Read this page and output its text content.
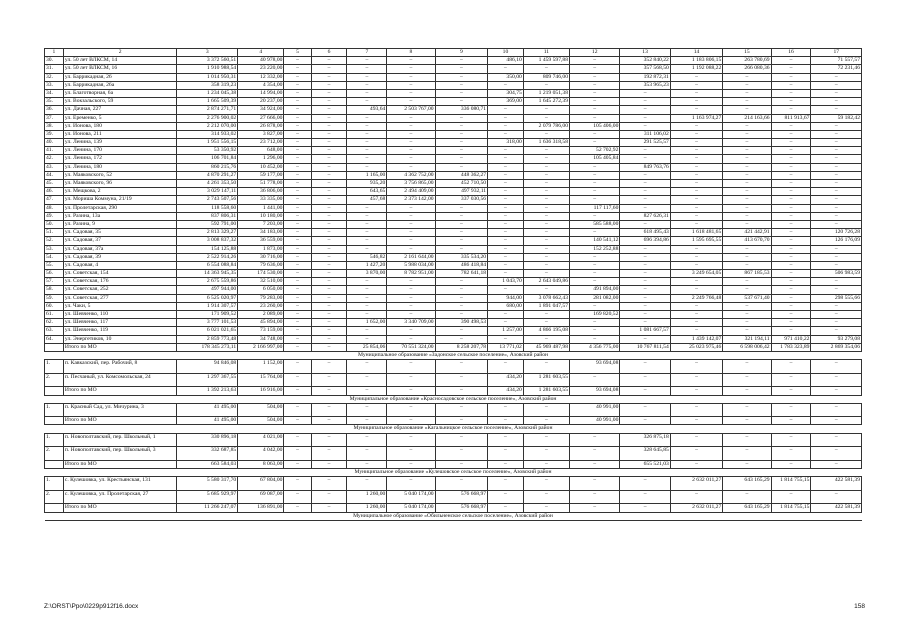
1	2	3	4	5	6	7	8	9	10	11	12	13	14	15	16	17
30.	ул. 50 лет ВЛКСМ, 14	3 372 560,51	40 978,00	–	–	–	–	–	486,10	1 459 597,88	–	352 840,22	1 183 806,15	263 780,69	–	71 557,57
31.	ул. 50 лет ВЛКСМ, 16	1 910 988,54	23 220,00	–	–	–	–	–	–	–	–	357 568,50	1 192 088,22	266 080,36	–	72 231,46
32.	ул. Баррикадная, 26	1 014 950,31	12 332,00	–	–	–	–	–	350,00	809 746,00	–	192 872,31	–	–	–	–
33.	ул. Баррикадная, 26а	358 319,23	4 354,00	–	–	–	–	–	–	–	–	353 965,23	–	–	–	–
34.	ул. Благотворная, 6а	1 234 045,38	14 994,00	–	–	–	–	–	304,75	1 219 051,38	–	–	–	–	–	–
35.	ул. Вокзальского, 59	1 665 509,39	20 237,00	–	–	–	–	–	369,00	1 645 272,39	–	–	–	–	–	–
36.	ул. Дачная, 227	2 874 271,71	34 924,00	–	–	493,64	2 503 767,00	336 080,71	–	–	–	–	–	–	–	–
37.	ул. Еременко, 5	2 276 900,02	27 666,00	–	–	–	–	–	–	–	–	–	1 163 974,27	214 163,66	811 913,67	59 182,42
38.	ул. Ионова, 180	2 212 070,00	26 878,00	–	–	–	–	–	–	2 079 786,00	105 406,00	–	–	–	–	–
39.	ул. Ионова, 211	314 933,02	3 827,00	–	–	–	–	–	–	–	–	311 106,02	–	–	–	–
40.	ул. Ленина, 139	1 951 556,15	23 712,00	–	–	–	–	–	318,00	1 636 318,58	–	291 525,57	–	–	–	–
41.	ул. Ленина, 170	53 350,92	648,00	–	–	–	–	–	–	–	52 702,92	–	–	–	–	–
42.	ул. Ленина, 172	106 701,84	1 296,00	–	–	–	–	–	–	–	105 405,84	–	–	–	–	–
43.	ул. Ленина, 180	860 215,76	10 452,00	–	–	–	–	–	–	–	–	849 763,76	–	–	–	–
44.	ул. Маяковского, 52	4 870 291,27	59 177,00	–	–	1 165,00	4 362 752,00	448 362,27	–	–	–	–	–	–	–	–
45.	ул. Маяковского, 96	4 261 353,50	51 778,00	–	–	935,20	3 756 865,00	452 710,50	–	–	–	–	–	–	–	–
46.	ул. Мещкова, 2	3 029 147,11	36 806,00	–	–	643,65	2 494 409,00	497 932,11	–	–	–	–	–	–	–	–
47.	ул. Мориша Коммуна, 21/19	2 743 507,56	33 335,00	–	–	457,68	2 373 142,00	337 030,56	–	–	–	–	–	–	–	–
48.	ул. Пролетарская, 290	118 558,60	1 441,00	–	–	–	–	–	–	–	117 117,60	–	–	–	–	–
49.	ул. Разина, 13а	837 806,31	10 180,00	–	–	–	–	–	–	–	–	827 626,31	–	–	–	–
50.	ул. Разина, 9	592 791,00	7 203,00	–	–	–	–	–	–	–	585 588,00	–	–	–	–	–
51.	ул. Садовая, 35	2 813 329,27	34 183,00	–	–	–	–	–	–	–	–	618 495,43	1 618 481,65	421 442,91	–	120 726,28
52.	ул. Садовая, 37	3 008 837,32	36 559,00	–	–	–	–	–	–	–	140 541,12	696 394,86	1 595 695,55	413 670,70	–	126 176,09
53.	ул. Садовая, 37а	154 125,88	1 873,00	–	–	–	–	–	–	–	152 252,88	–	–	–	–	–
54.	ул. Садовая, 39	2 522 914,26	30 716,00	–	–	546,82	2 161 644,00	335 534,20	–	–	–	–	–	–	–	–
55.	ул. Садовая, 4	6 554 088,84	79 636,00	–	–	1 427,20	5 988 034,00	486 418,84	–	–	–	–	–	–	–	–
56.	ул. Советская, 154	14 363 945,35	174 530,00	–	–	3 870,00	8 782 951,00	782 641,18	–	–	–	–	3 249 654,05	867 185,53	–	506 983,59
57.	ул. Советская, 176	2 675 559,86	32 510,00	–	–	–	–	–	1 043,70	2 643 049,86	–	–	–	–	–	–
58.	ул. Советская, 252	497 944,00	6 050,00	–	–	–	–	–	–	–	491 894,00	–	–	–	–	–
59.	ул. Советская, 277	6 525 020,97	79 283,00	–	–	–	–	–	944,00	3 078 662,43	281 082,00	–	2 249 766,48	537 671,40	–	298 555,66
60.	ул. Чаки, 5	1 914 307,57	23 260,00	–	–	–	–	–	680,00	1 891 047,57	–	–	–	–	–	–
61.	ул. Шевченко, 110	171 909,52	2 089,00	–	–	–	–	–	–	–	169 820,52	–	–	–	–	–
62.	ул. Шевченко, 117	3 777 101,53	45 894,00	–	–	1 652,00	3 340 709,00	390 498,53	–	–	–	–	–	–	–	–
63.	ул. Шевченко, 119	6 021 021,65	73 159,00	–	–	–	–	–	1 257,00	4 866 195,08	–	1 081 667,57	–	–	–	–
64.	ул. Энергетиков, 10	2 859 773,48	34 748,00	–	–	–	–	–	–	–	–	–	1 439 142,07	321 194,11	971 410,22	93 279,08
	Итого по МО	178 345 273,11	2 166 997,00	–	–	25 854,06	70 551 324,00	8 258 207,78	13 771,02	45 969 487,98	4 356 775,00	10 767 811,54	25 023 975,46	6 598 006,42	1 783 323,89	2 869 354,06
Муниципальное образование «Задонское сельское поселение», Азовский район																
1.	п. Кавказский, пер. Рабочий, 8	94 846,08	1 152,00	–	–	–	–	–	–	–	93 694,08	–	–	–	–	–
2.	п. Песчаный, ул. Комсомольская, 24	1 297 367,55	15 764,00	–	–	–	–	–	434,20	1 281 603,55	–	–	–	–	–	–
	Итого по МО	1 392 213,63	16 916,00	–	–	–	–	–	434,20	1 281 603,55	93 694,08	–	–	–	–	–
Муниципальное образование «Красносадовское сельское поселение», Азовский район																
1.	п. Красный Сад, ул. Мичурина, 3	41 495,00	504,00	–	–	–	–	–	–	–	40 991,00	–	–	–	–	–
	Итого по МО	41 495,00	504,00	–	–	–	–	–	–	–	40 991,00	–	–	–	–	–
Муниципальное образование «Кагальницкое сельское поселение», Азовский район																
1.	п. Новополтавский, пер. Школьный, 1	330 896,18	4 021,00	–	–	–	–	–	–	–	–	326 875,18	–	–	–	–
2.	п. Новополтавский, пер. Школьный, 3	332 687,85	4 042,00	–	–	–	–	–	–	–	–	328 645,85	–	–	–	–
	Итого по МО	663 584,03	8 063,00	–	–	–	–	–	–	–	–	655 521,03	–	–	–	–
Муниципальное образование «Кулешовское сельское поселение», Азовский район																
1.	с. Кулешовка, ул. Крестьянская, 131	5 580 317,70	67 804,00	–	–	–	–	–	–	–	–	–	2 632 011,27	643 165,29	1 814 755,15	422 581,39
2.	с. Кулешовка, ул. Пролетарская, 27	5 685 929,97	69 087,00	–	–	1 260,00	5 040 174,00	576 668,97	–	–	–	–	–	–	–	–
	Итого по МО	11 266 247,07	136 891,00	–	–	1 260,00	5 040 174,00	576 668,97	–	–	–	–	2 632 011,27	643 165,29	1 814 755,15	422 581,39
Муниципальное образование «Обильненское сельское поселение», Азовский район																
Z:\ORST\Ppo\0229p912f16.docx	158
